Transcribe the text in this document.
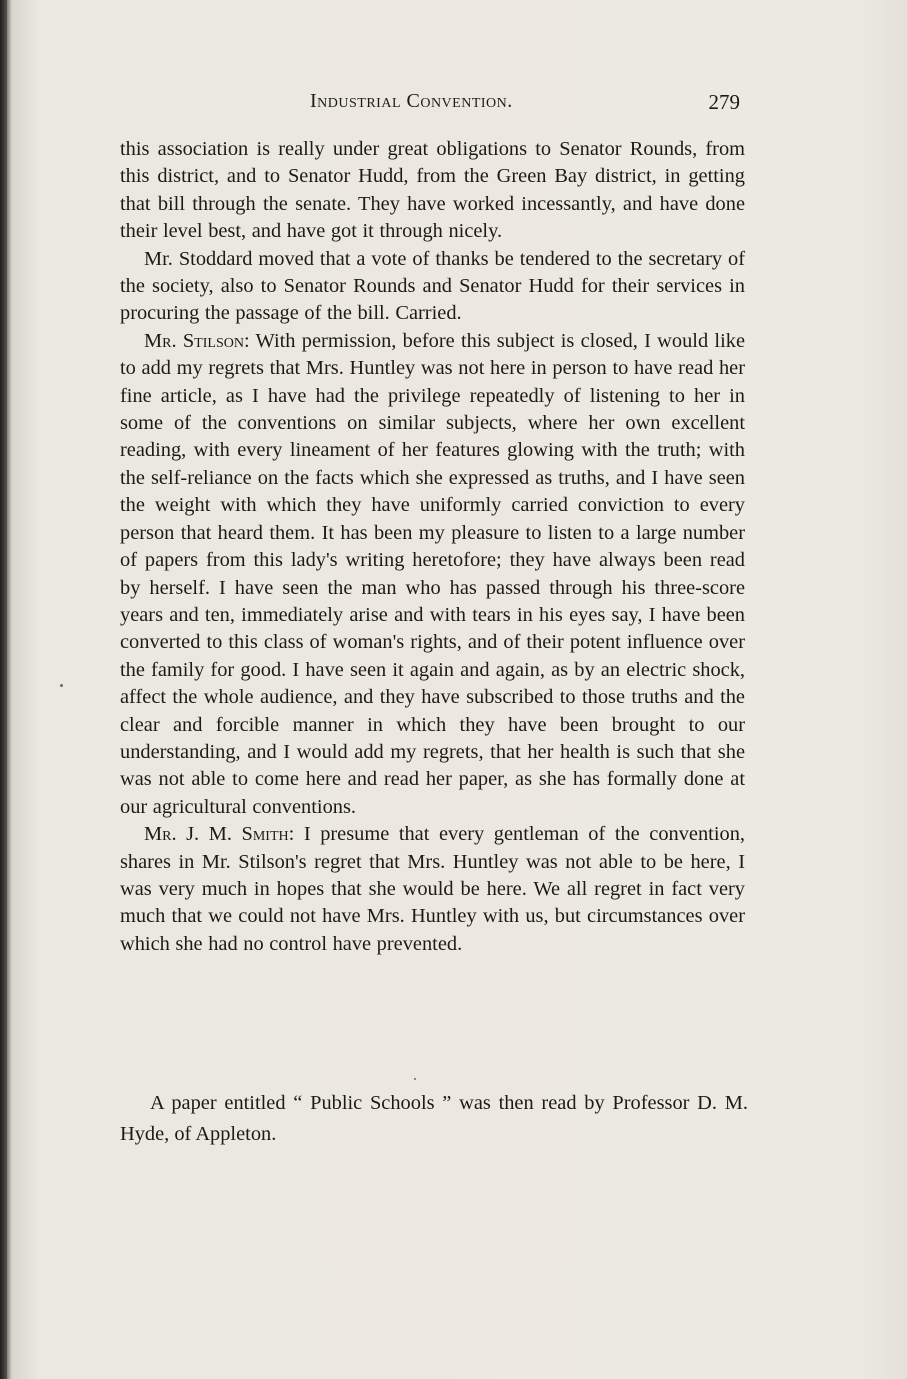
Industrial Convention.	279

this association is really under great obligations to Senator Rounds, from this district, and to Senator Hudd, from the Green Bay district, in getting that bill through the senate. They have worked incessantly, and have done their level best, and have got it through nicely.

Mr. Stoddard moved that a vote of thanks be tendered to the secretary of the society, also to Senator Rounds and Senator Hudd for their services in procuring the passage of the bill. Carried.

Mr. Stilson: With permission, before this subject is closed, I would like to add my regrets that Mrs. Huntley was not here in person to have read her fine article, as I have had the privilege repeatedly of listening to her in some of the conventions on similar subjects, where her own excellent reading, with every lineament of her features glowing with the truth; with the self-reliance on the facts which she expressed as truths, and I have seen the weight with which they have uniformly carried conviction to every person that heard them. It has been my pleasure to listen to a large number of papers from this lady's writing heretofore; they have always been read by herself. I have seen the man who has passed through his three-score years and ten, immediately arise and with tears in his eyes say, I have been converted to this class of woman's rights, and of their potent influence over the family for good. I have seen it again and again, as by an electric shock, affect the whole audience, and they have subscribed to those truths and the clear and forcible manner in which they have been brought to our understanding, and I would add my regrets, that her health is such that she was not able to come here and read her paper, as she has formally done at our agricultural conventions.

Mr. J. M. Smith: I presume that every gentleman of the convention, shares in Mr. Stilson's regret that Mrs. Huntley was not able to be here, I was very much in hopes that she would be here. We all regret in fact very much that we could not have Mrs. Huntley with us, but circumstances over which she had no control have prevented.

A paper entitled “ Public Schools ” was then read by Professor D. M. Hyde, of Appleton.
